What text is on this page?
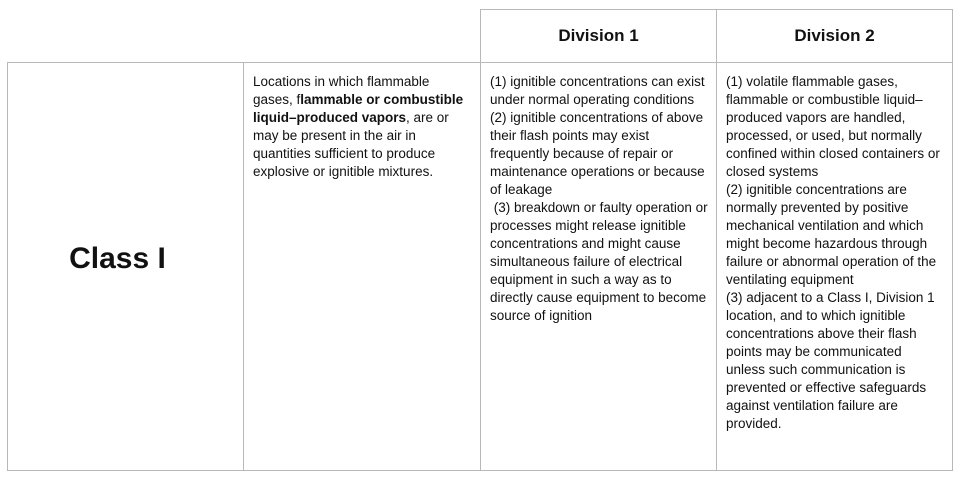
Division 1	Division 2
Class I
Locations in which flammable gases, flammable or combustible liquid–produced vapors, are or may be present in the air in quantities sufficient to produce explosive or ignitible mixtures.
(1) ignitible concentrations can exist under normal operating conditions
(2) ignitible concentrations of above their flash points may exist frequently because of repair or maintenance operations or because of leakage
(3) breakdown or faulty operation or processes might release ignitible concentrations and might cause simultaneous failure of electrical equipment in such a way as to directly cause equipment to become source of ignition
(1) volatile flammable gases, flammable or combustible liquid–produced vapors are handled, processed, or used, but normally confined within closed containers or closed systems
(2) ignitible concentrations are normally prevented by positive mechanical ventilation and which might become hazardous through failure or abnormal operation of the ventilating equipment
(3) adjacent to a Class I, Division 1 location, and to which ignitible concentrations above their flash points may be communicated unless such communication is prevented or effective safeguards against ventilation failure are provided.
